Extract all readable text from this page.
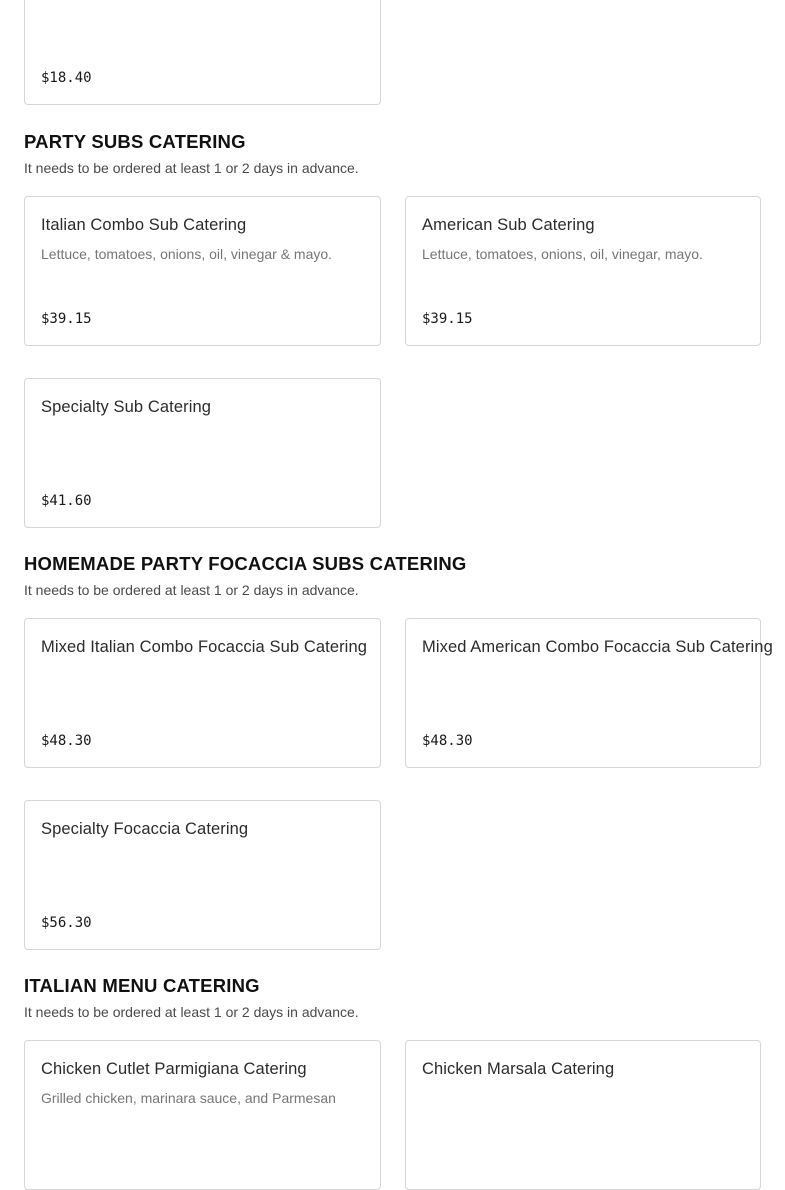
$18.40
PARTY SUBS CATERING
It needs to be ordered at least 1 or 2 days in advance.
Italian Combo Sub Catering
Lettuce, tomatoes, onions, oil, vinegar & mayo.
$39.15
American Sub Catering
Lettuce, tomatoes, onions, oil, vinegar, mayo.
$39.15
Specialty Sub Catering
$41.60
HOMEMADE PARTY FOCACCIA SUBS CATERING
It needs to be ordered at least 1 or 2 days in advance.
Mixed Italian Combo Focaccia Sub Catering
$48.30
Mixed American Combo Focaccia Sub Catering
$48.30
Specialty Focaccia Catering
$56.30
ITALIAN MENU CATERING
It needs to be ordered at least 1 or 2 days in advance.
Chicken Cutlet Parmigiana Catering
Grilled chicken, marinara sauce, and Parmesan
Chicken Marsala Catering
